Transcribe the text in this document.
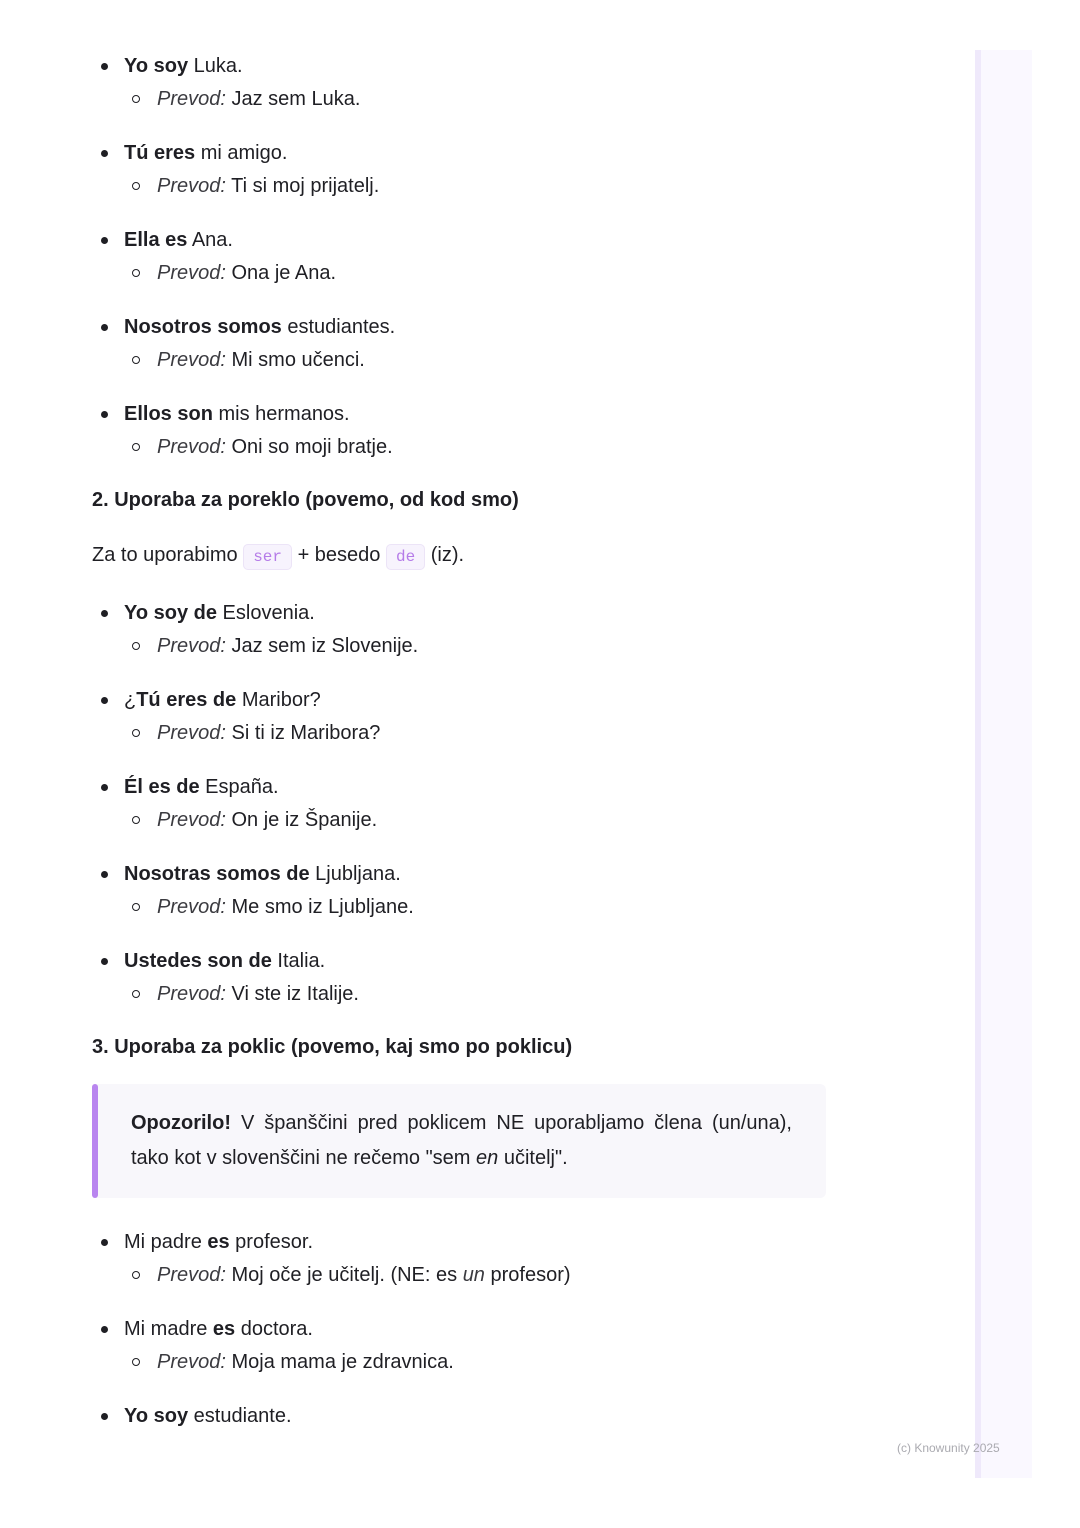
Yo soy Luka.
Prevod: Jaz sem Luka.
Tú eres mi amigo.
Prevod: Ti si moj prijatelj.
Ella es Ana.
Prevod: Ona je Ana.
Nosotros somos estudiantes.
Prevod: Mi smo učenci.
Ellos son mis hermanos.
Prevod: Oni so moji bratje.
2. Uporaba za poreklo (povemo, od kod smo)

Za to uporabimo ser + besedo de (iz).

Yo soy de Eslovenia.
Prevod: Jaz sem iz Slovenije.
¿Tú eres de Maribor?
Prevod: Si ti iz Maribora?
Él es de España.
Prevod: On je iz Španije.
Nosotras somos de Ljubljana.
Prevod: Me smo iz Ljubljane.
Ustedes son de Italia.
Prevod: Vi ste iz Italije.
3. Uporaba za poklic (povemo, kaj smo po poklicu)
Opozorilo! V španščini pred poklicem NE uporabljamo člena (un/una), tako kot v slovenščini ne rečemo "sem en učitelj".
Mi padre es profesor.
Prevod: Moj oče je učitelj. (NE: es un profesor)
Mi madre es doctora.
Prevod: Moja mama je zdravnica.
Yo soy estudiante.
(c) Knowunity 2025
